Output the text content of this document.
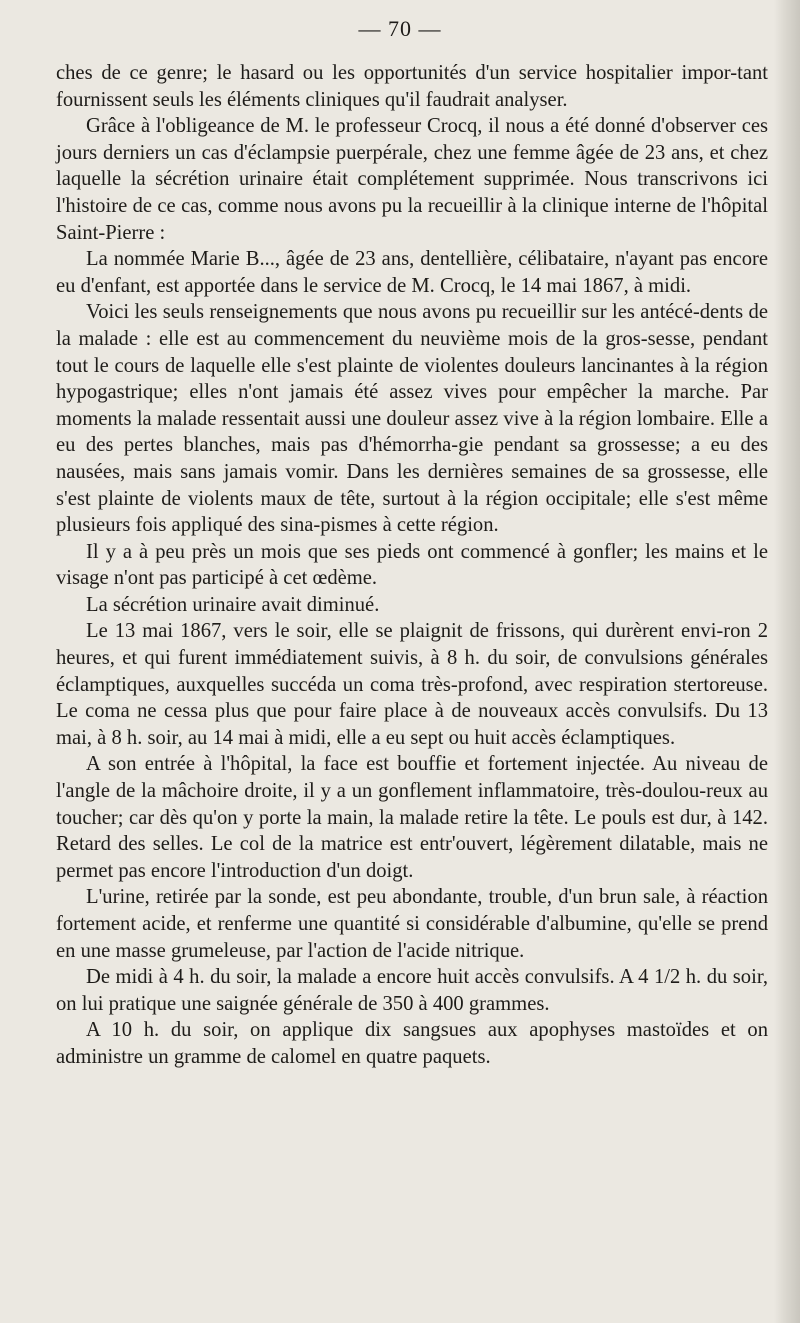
— 70 —

ches de ce genre; le hasard ou les opportunités d'un service hospitalier impor-tant fournissent seuls les éléments cliniques qu'il faudrait analyser.

Grâce à l'obligeance de M. le professeur Crocq, il nous a été donné d'observer ces jours derniers un cas d'éclampsie puerpérale, chez une femme âgée de 23 ans, et chez laquelle la sécrétion urinaire était complétement supprimée. Nous transcrivons ici l'histoire de ce cas, comme nous avons pu la recueillir à la clinique interne de l'hôpital Saint-Pierre :

La nommée Marie B..., âgée de 23 ans, dentellière, célibataire, n'ayant pas encore eu d'enfant, est apportée dans le service de M. Crocq, le 14 mai 1867, à midi.

Voici les seuls renseignements que nous avons pu recueillir sur les antécé-dents de la malade : elle est au commencement du neuvième mois de la gros-sesse, pendant tout le cours de laquelle elle s'est plainte de violentes douleurs lancinantes à la région hypogastrique; elles n'ont jamais été assez vives pour empêcher la marche. Par moments la malade ressentait aussi une douleur assez vive à la région lombaire. Elle a eu des pertes blanches, mais pas d'hémorrha-gie pendant sa grossesse; a eu des nausées, mais sans jamais vomir. Dans les dernières semaines de sa grossesse, elle s'est plainte de violents maux de tête, surtout à la région occipitale; elle s'est même plusieurs fois appliqué des sina-pismes à cette région.

Il y a à peu près un mois que ses pieds ont commencé à gonfler; les mains et le visage n'ont pas participé à cet œdème.

La sécrétion urinaire avait diminué.

Le 13 mai 1867, vers le soir, elle se plaignit de frissons, qui durèrent envi-ron 2 heures, et qui furent immédiatement suivis, à 8 h. du soir, de convulsions générales éclamptiques, auxquelles succéda un coma très-profond, avec respiration stertoreuse. Le coma ne cessa plus que pour faire place à de nouveaux accès convulsifs. Du 13 mai, à 8 h. soir, au 14 mai à midi, elle a eu sept ou huit accès éclamptiques.

A son entrée à l'hôpital, la face est bouffie et fortement injectée. Au niveau de l'angle de la mâchoire droite, il y a un gonflement inflammatoire, très-doulou-reux au toucher; car dès qu'on y porte la main, la malade retire la tête. Le pouls est dur, à 142. Retard des selles. Le col de la matrice est entr'ouvert, légèrement dilatable, mais ne permet pas encore l'introduction d'un doigt.

L'urine, retirée par la sonde, est peu abondante, trouble, d'un brun sale, à réaction fortement acide, et renferme une quantité si considérable d'albumine, qu'elle se prend en une masse grumeleuse, par l'action de l'acide nitrique.

De midi à 4 h. du soir, la malade a encore huit accès convulsifs. A 4 1/2 h. du soir, on lui pratique une saignée générale de 350 à 400 grammes.

A 10 h. du soir, on applique dix sangsues aux apophyses mastoïdes et on administre un gramme de calomel en quatre paquets.
